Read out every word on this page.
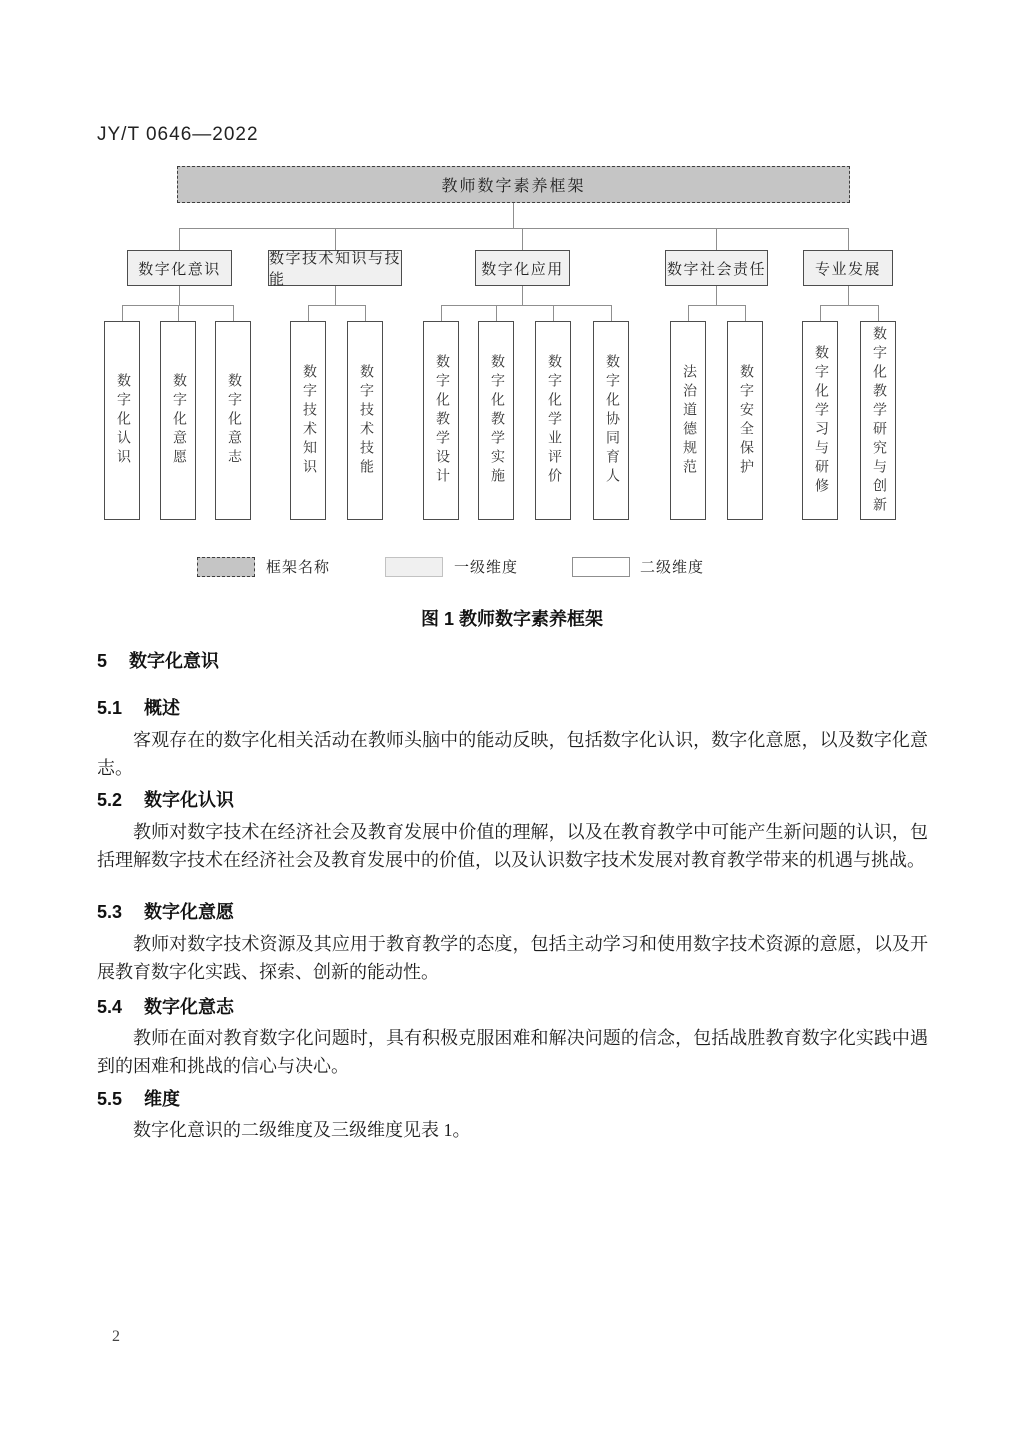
JY/T 0646—2022
教师数字素养框架
数字化意识
数字技术知识与技能
数字化应用	数字社会责任	专业发展
数字化认识	数字化意愿	数字化意志	数字技术知识	数字技术技能	数字化教学设计	数字化教学实施	数字化学业评价	数字化协同育人	法治道德规范	数字安全保护	数字化学习与研修	数字化教学研究与创新
框架名称	一级维度	二级维度
图 1 教师数字素养框架
5 数字化意识
5.1 概述
客观存在的数字化相关活动在教师头脑中的能动反映，包括数字化认识，数字化意愿，以及数字化意志。
5.2 数字化认识
教师对数字技术在经济社会及教育发展中价值的理解，以及在教育教学中可能产生新问题的认识，包括理解数字技术在经济社会及教育发展中的价值，以及认识数字技术发展对教育教学带来的机遇与挑战。
5.3 数字化意愿
教师对数字技术资源及其应用于教育教学的态度，包括主动学习和使用数字技术资源的意愿，以及开展教育数字化实践、探索、创新的能动性。
5.4 数字化意志
教师在面对教育数字化问题时，具有积极克服困难和解决问题的信念，包括战胜教育数字化实践中遇到的困难和挑战的信心与决心。
5.5 维度
数字化意识的二级维度及三级维度见表 1。
2
